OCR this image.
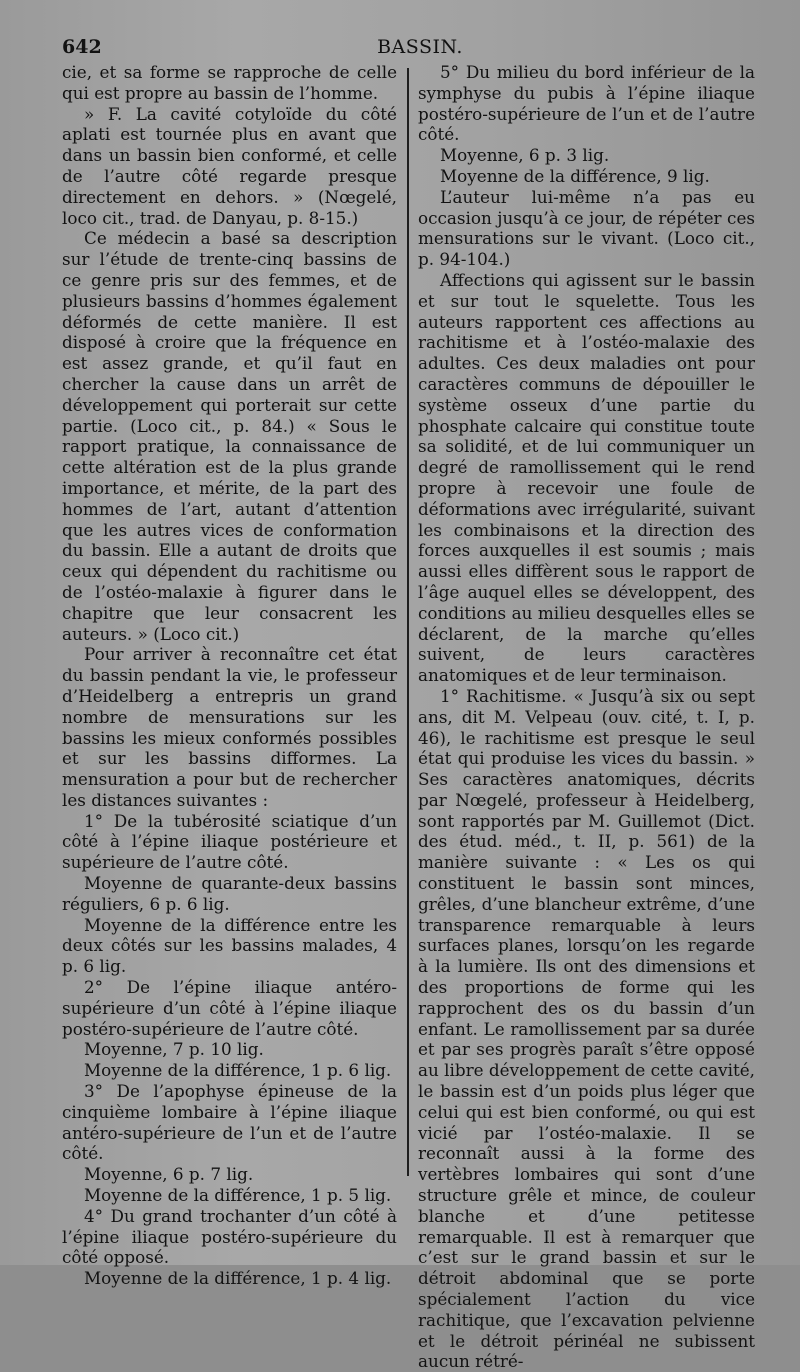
642	BASSIN.

cie, et sa forme se rapproche de celle qui est propre au bassin de l’homme.

» F. La cavité cotyloïde du côté aplati est tournée plus en avant que dans un bassin bien conformé, et celle de l’autre côté regarde presque directement en dehors. » (Nœgelé, loco cit., trad. de Danyau, p. 8-15.)

Ce médecin a basé sa description sur l’étude de trente-cinq bassins de ce genre pris sur des femmes, et de plusieurs bassins d’hommes également déformés de cette manière. Il est disposé à croire que la fréquence en est assez grande, et qu’il faut en chercher la cause dans un arrêt de développement qui porterait sur cette partie. (Loco cit., p. 84.) « Sous le rapport pratique, la connaissance de cette altération est de la plus grande importance, et mérite, de la part des hommes de l’art, autant d’attention que les autres vices de conformation du bassin. Elle a autant de droits que ceux qui dépendent du rachitisme ou de l’ostéo-malaxie à figurer dans le chapitre que leur consacrent les auteurs. » (Loco cit.)

Pour arriver à reconnaître cet état du bassin pendant la vie, le professeur d’Heidelberg a entrepris un grand nombre de mensurations sur les bassins les mieux conformés possibles et sur les bassins difformes. La mensuration a pour but de rechercher les distances suivantes :

1° De la tubérosité sciatique d’un côté à l’épine iliaque postérieure et supérieure de l’autre côté.

Moyenne de quarante-deux bassins réguliers, 6 p. 6 lig.

Moyenne de la différence entre les deux côtés sur les bassins malades, 4 p. 6 lig.

2° De l’épine iliaque antéro-supérieure d’un côté à l’épine iliaque postéro-supérieure de l’autre côté.

Moyenne, 7 p. 10 lig.

Moyenne de la différence, 1 p. 6 lig.

3° De l’apophyse épineuse de la cinquième lombaire à l’épine iliaque antéro-supérieure de l’un et de l’autre côté.

Moyenne, 6 p. 7 lig.

Moyenne de la différence, 1 p. 5 lig.

4° Du grand trochanter d’un côté à l’épine iliaque postéro-supérieure du côté opposé.

Moyenne de la différence, 1 p. 4 lig.

5° Du milieu du bord inférieur de la symphyse du pubis à l’épine iliaque postéro-supérieure de l’un et de l’autre côté.

Moyenne, 6 p. 3 lig.

Moyenne de la différence, 9 lig.

L’auteur lui-même n’a pas eu occasion jusqu’à ce jour, de répéter ces mensurations sur le vivant. (Loco cit., p. 94-104.)

Affections qui agissent sur le bassin et sur tout le squelette. Tous les auteurs rapportent ces affections au rachitisme et à l’ostéo-malaxie des adultes. Ces deux maladies ont pour caractères communs de dépouiller le système osseux d’une partie du phosphate calcaire qui constitue toute sa solidité, et de lui communiquer un degré de ramollissement qui le rend propre à recevoir une foule de déformations avec irrégularité, suivant les combinaisons et la direction des forces auxquelles il est soumis ; mais aussi elles diffèrent sous le rapport de l’âge auquel elles se développent, des conditions au milieu desquelles elles se déclarent, de la marche qu’elles suivent, de leurs caractères anatomiques et de leur terminaison.

1° Rachitisme. « Jusqu’à six ou sept ans, dit M. Velpeau (ouv. cité, t. I, p. 46), le rachitisme est presque le seul état qui produise les vices du bassin. » Ses caractères anatomiques, décrits par Nœgelé, professeur à Heidelberg, sont rapportés par M. Guillemot (Dict. des étud. méd., t. II, p. 561) de la manière suivante : « Les os qui constituent le bassin sont minces, grêles, d’une blancheur extrême, d’une transparence remarquable à leurs surfaces planes, lorsqu’on les regarde à la lumière. Ils ont des dimensions et des proportions de forme qui les rapprochent des os du bassin d’un enfant. Le ramollissement par sa durée et par ses progrès paraît s’être opposé au libre développement de cette cavité, le bassin est d’un poids plus léger que celui qui est bien conformé, ou qui est vicié par l’ostéo-malaxie. Il se reconnaît aussi à la forme des vertèbres lombaires qui sont d’une structure grêle et mince, de couleur blanche et d’une petitesse remarquable. Il est à remarquer que c’est sur le grand bassin et sur le détroit abdominal que se porte spécialement l’action du vice rachitique, que l’excavation pelvienne et le détroit périnéal ne subissent aucun rétré-
